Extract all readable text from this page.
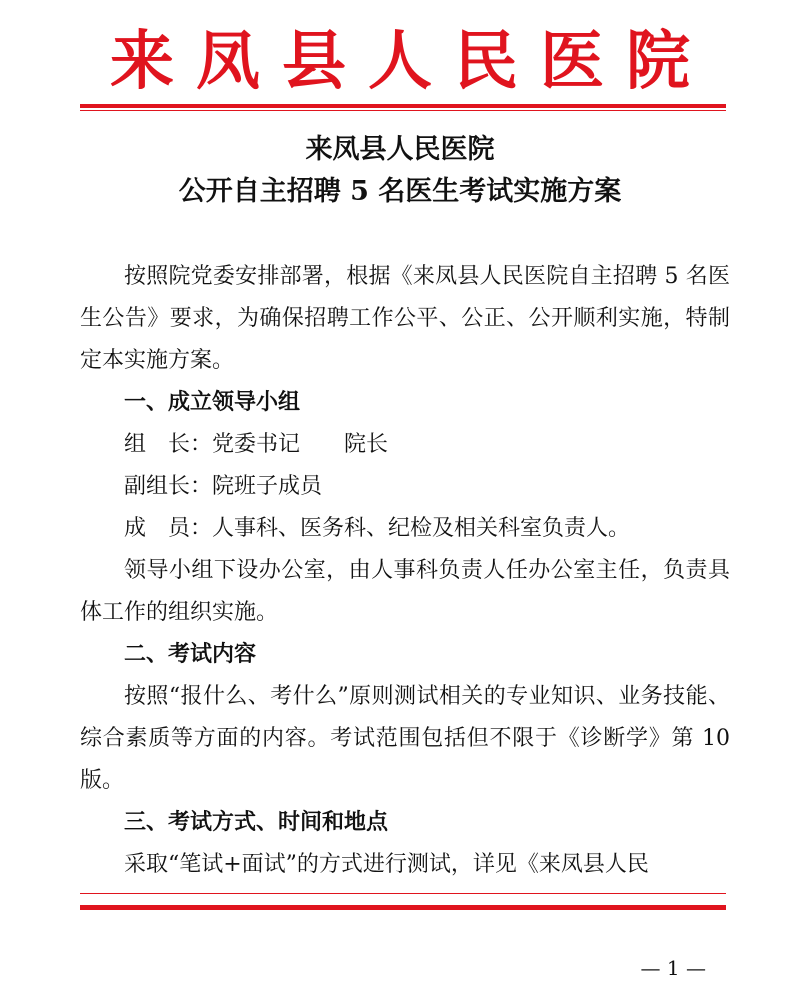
来凤县人民医院
来凤县人民医院
公开自主招聘 5 名医生考试实施方案

按照院党委安排部署，根据《来凤县人民医院自主招聘 5 名医生公告》要求，为确保招聘工作公平、公正、公开顺利实施，特制定本实施方案。

一、成立领导小组

组　长：党委书记　　院长

副组长：院班子成员

成　员：人事科、医务科、纪检及相关科室负责人。

领导小组下设办公室，由人事科负责人任办公室主任，负责具体工作的组织实施。

二、考试内容

按照“报什么、考什么”原则测试相关的专业知识、业务技能、综合素质等方面的内容。考试范围包括但不限于《诊断学》第 10 版。

三、考试方式、时间和地点

采取“笔试+面试”的方式进行测试，详见《来凤县人民

— 1 —
